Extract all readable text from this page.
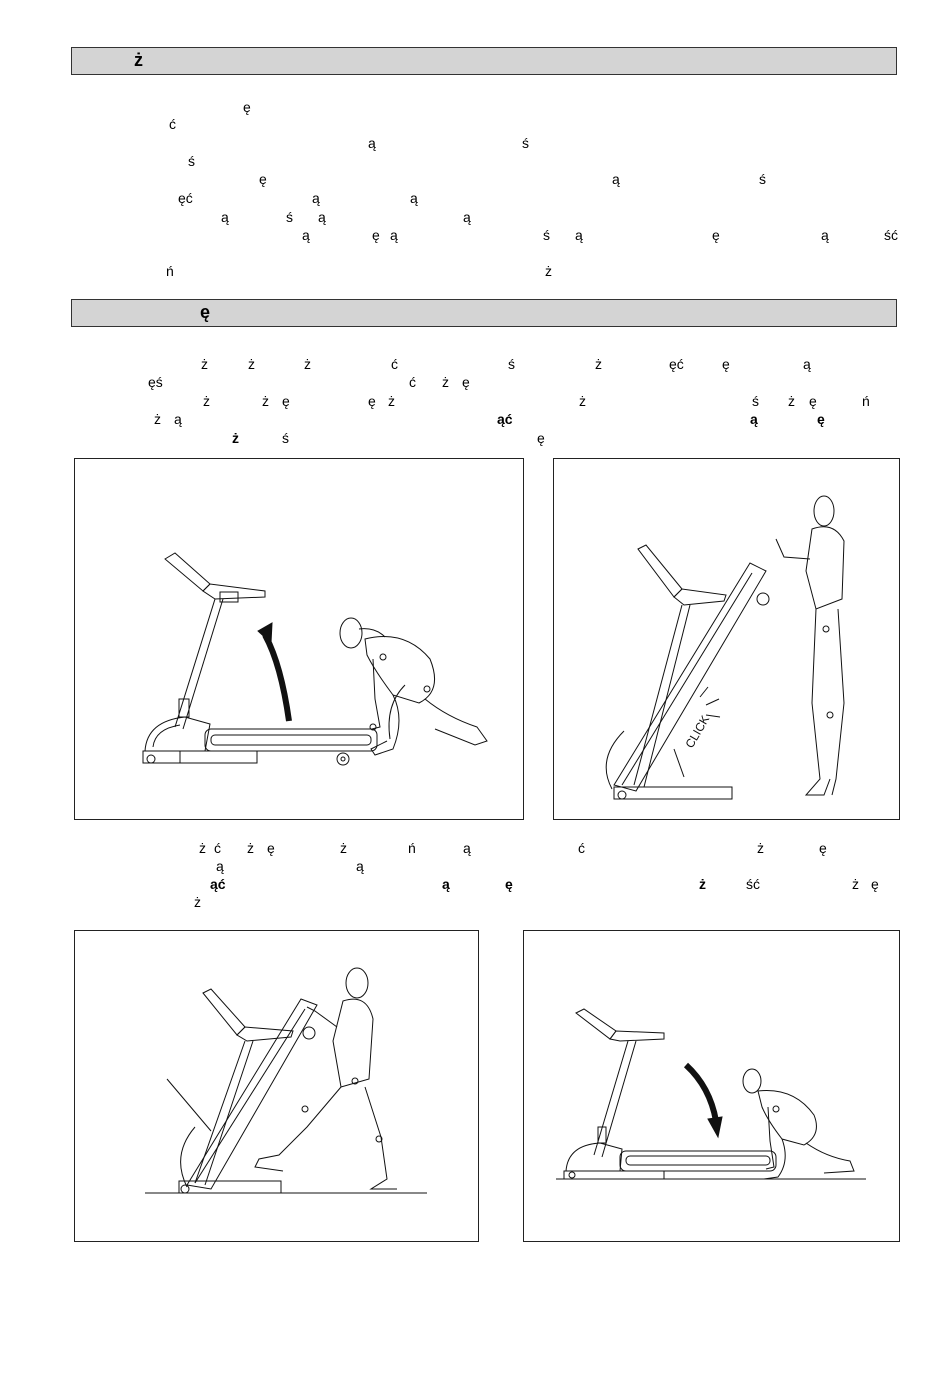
ż
ę
ć
ą	ś
ś
ę	ą	ś
ęć	ą	ą
ą	ś ą	ą
ą	ę ą	ś ą	ę	ą	ść
ń	ż
ę
ż	ż	ż	ć	ś	ż	ęć	ę	ą
ęś	ć ż ę
ż	ż ę	ę ż	ż	ś ż ę	ń
ż ą	ąć	ą	ę
ż	ś	ę
CLICK
ż ć ż ę	ż	ń	ą	ć	ż	ę
ą	ą
ąć	ą	ę	ż	ść	ż ę
ż
